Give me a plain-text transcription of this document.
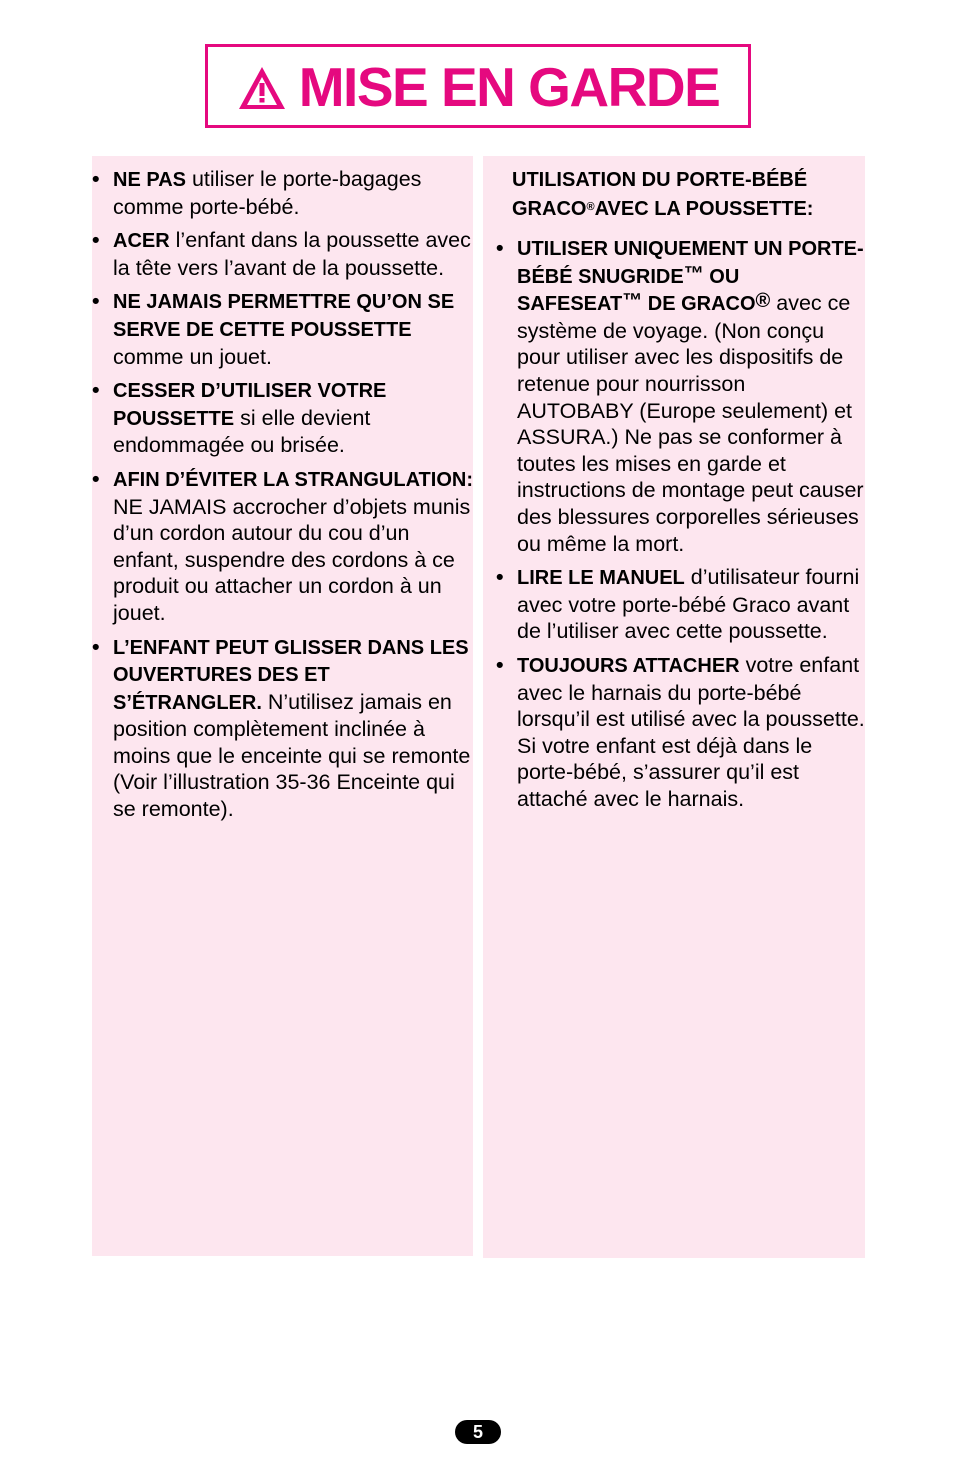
MISE EN GARDE
• NE PAS utiliser le porte-bagages comme porte-bébé.
• ACER l’enfant dans la poussette avec la tête vers l’avant de la poussette.
• NE JAMAIS PERMETTRE QU’ON SE SERVE DE CETTE POUSSETTE comme un jouet.
• CESSER D’UTILISER VOTRE POUSSETTE si elle devient endommagée ou brisée.
• AFIN D’ÉVITER LA STRANGULATION: NE JAMAIS accrocher d’objets munis d’un cordon autour du cou d’un enfant, suspendre des cordons à ce produit ou attacher un cordon à un jouet.
• L’ENFANT PEUT GLISSER DANS LES OUVERTURES DES ET S’ÉTRANGLER. N’utilisez jamais en position complètement inclinée à moins que le enceinte qui se remonte (Voir l’illustration 35-36 Enceinte qui se remonte).
UTILISATION DU PORTE-BÉBÉ GRACO®AVEC LA POUSSETTE:
• UTILISER UNIQUEMENT UN PORTE-BÉBÉ SNUGRIDE™ OU SAFESEAT™ DE GRACO® avec ce système de voyage. (Non conçu pour utiliser avec les dispositifs de retenue pour nourrisson AUTOBABY (Europe seulement) et ASSURA.) Ne pas se conformer à toutes les mises en garde et instructions de montage peut causer des blessures corporelles sérieuses ou même la mort.
• LIRE LE MANUEL d’utilisateur fourni avec votre porte-bébé Graco avant de l’utiliser avec cette poussette.
• TOUJOURS ATTACHER votre enfant avec le harnais du porte-bébé lorsqu’il est utilisé avec la poussette. Si votre enfant est déjà dans le porte-bébé, s’assurer qu’il est attaché avec le harnais.
5
